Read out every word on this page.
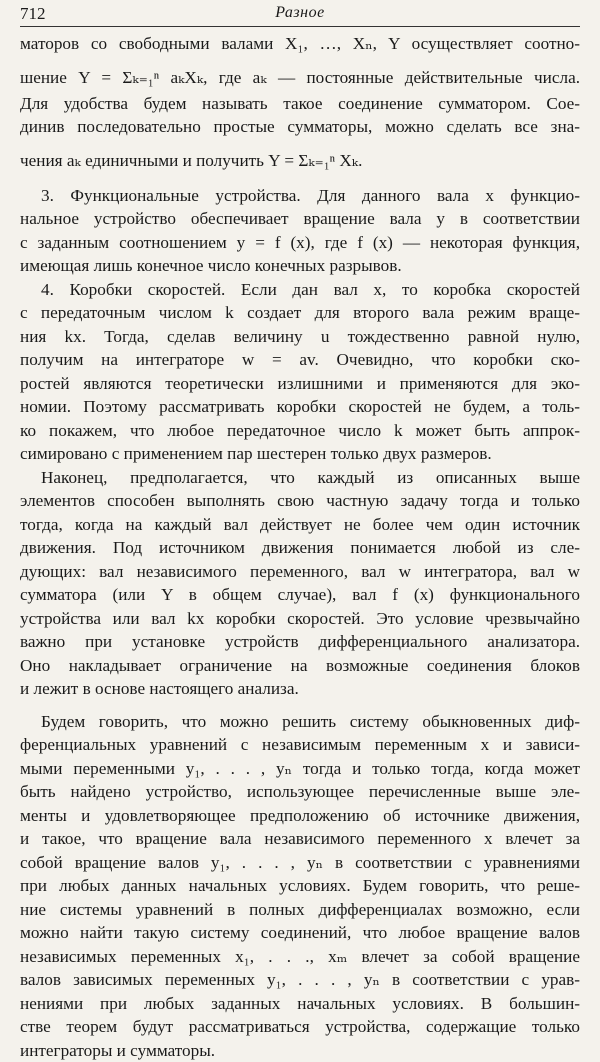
712	Разное
маторов со свободными валами X₁, …, Xₙ, Y осуществляет соотно-
шение Y = Σₖ₌₁ⁿ aₖXₖ, где aₖ — постоянные действительные числа.
Для удобства будем называть такое соединение сумматором. Сое-
динив последовательно простые сумматоры, можно сделать все зна-
чения aₖ единичными и получить Y = Σₖ₌₁ⁿ Xₖ.
3. Функциональные устройства. Для данного вала x функцио-
нальное устройство обеспечивает вращение вала y в соответствии
с заданным соотношением y = f (x), где f (x) — некоторая функция,
имеющая лишь конечное число конечных разрывов.
4. Коробки скоростей. Если дан вал x, то коробка скоростей
с передаточным числом k создает для второго вала режим враще-
ния kx. Тогда, сделав величину u тождественно равной нулю,
получим на интеграторе w = av. Очевидно, что коробки ско-
ростей являются теоретически излишними и применяются для эко-
номии. Поэтому рассматривать коробки скоростей не будем, а толь-
ко покажем, что любое передаточное число k может быть аппрок-
симировано с применением пар шестерен только двух размеров.
Наконец, предполагается, что каждый из описанных выше
элементов способен выполнять свою частную задачу тогда и только
тогда, когда на каждый вал действует не более чем один источник
движения. Под источником движения понимается любой из сле-
дующих: вал независимого переменного, вал w интегратора, вал w
сумматора (или Y в общем случае), вал f (x) функционального
устройства или вал kx коробки скоростей. Это условие чрезвычайно
важно при установке устройств дифференциального анализатора.
Оно накладывает ограничение на возможные соединения блоков
и лежит в основе настоящего анализа.
Будем говорить, что можно решить систему обыкновенных диф-
ференциальных уравнений с независимым переменным x и зависи-
мыми переменными y₁, . . . , yₙ тогда и только тогда, когда может
быть найдено устройство, использующее перечисленные выше эле-
менты и удовлетворяющее предположению об источнике движения,
и такое, что вращение вала независимого переменного x влечет за
собой вращение валов y₁, . . . , yₙ в соответствии с уравнениями
при любых данных начальных условиях. Будем говорить, что реше-
ние системы уравнений в полных дифференциалах возможно, если
можно найти такую систему соединений, что любое вращение валов
независимых переменных x₁, . . ., xₘ влечет за собой вращение
валов зависимых переменных y₁, . . . , yₙ в соответствии с урав-
нениями при любых заданных начальных условиях. В большин-
стве теорем будут рассматриваться устройства, содержащие только
интеграторы и сумматоры.
